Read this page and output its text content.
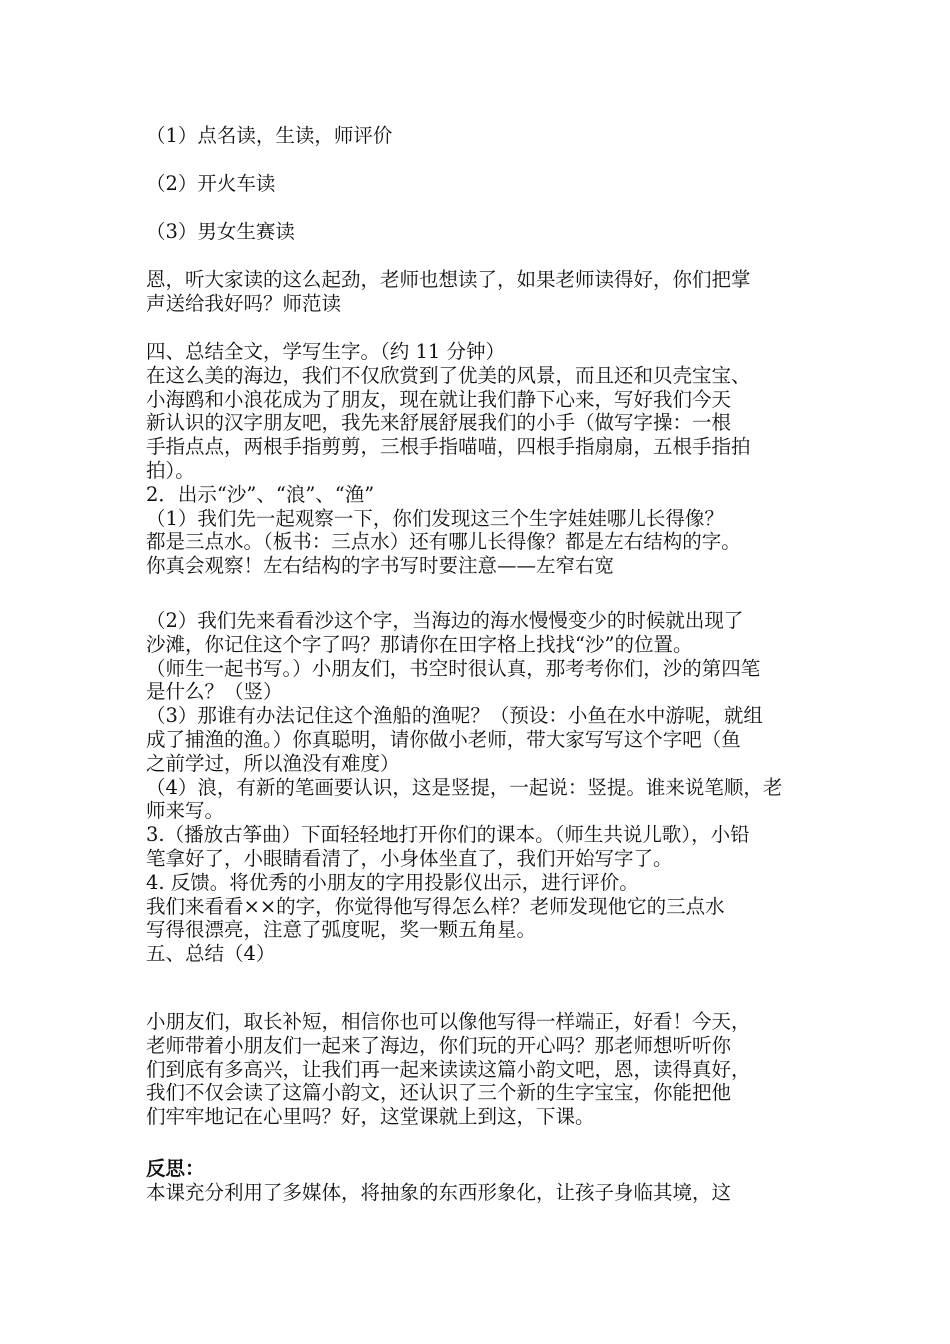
（1）点名读，生读，师评价
（2）开火车读
（3）男女生赛读
恩，听大家读的这么起劲，老师也想读了，如果老师读得好，你们把掌
声送给我好吗？师范读
四、总结全文，学写生字。（约 11 分钟）
在这么美的海边，我们不仅欣赏到了优美的风景，而且还和贝壳宝宝、
小海鸥和小浪花成为了朋友，现在就让我们静下心来，写好我们今天
新认识的汉字朋友吧，我先来舒展舒展我们的小手（做写字操：一根
手指点点，两根手指剪剪，三根手指喵喵，四根手指扇扇，五根手指拍
拍）。
2．出示“沙”、“浪”、“渔”
（1）我们先一起观察一下，你们发现这三个生字娃娃哪儿长得像？
都是三点水。（板书：三点水）还有哪儿长得像？都是左右结构的字。
你真会观察！左右结构的字书写时要注意——左窄右宽
（2）我们先来看看沙这个字，当海边的海水慢慢变少的时候就出现了
沙滩，你记住这个字了吗？那请你在田字格上找找“沙”的位置。
（师生一起书写。）小朋友们，书空时很认真，那考考你们，沙的第四笔
是什么？（竖）
（3）那谁有办法记住这个渔船的渔呢？（预设：小鱼在水中游呢，就组
成了捕渔的渔。）你真聪明，请你做小老师，带大家写写这个字吧（鱼
之前学过，所以渔没有难度）
（4）浪，有新的笔画要认识，这是竖提，一起说：竖提。谁来说笔顺，老
师来写。
3.（播放古筝曲）下面轻轻地打开你们的课本。（师生共说儿歌），小铅
笔拿好了，小眼睛看清了，小身体坐直了，我们开始写字了。
4. 反馈。将优秀的小朋友的字用投影仪出示，进行评价。
我们来看看××的字，你觉得他写得怎么样？老师发现他它的三点水
写得很漂亮，注意了弧度呢，奖一颗五角星。
五、总结（4）
小朋友们，取长补短，相信你也可以像他写得一样端正，好看！今天，
老师带着小朋友们一起来了海边，你们玩的开心吗？那老师想听听你
们到底有多高兴，让我们再一起来读读这篇小韵文吧，恩，读得真好，
我们不仅会读了这篇小韵文，还认识了三个新的生字宝宝，你能把他
们牢牢地记在心里吗？好，这堂课就上到这，下课。
反思：
本课充分利用了多媒体，将抽象的东西形象化，让孩子身临其境，这
